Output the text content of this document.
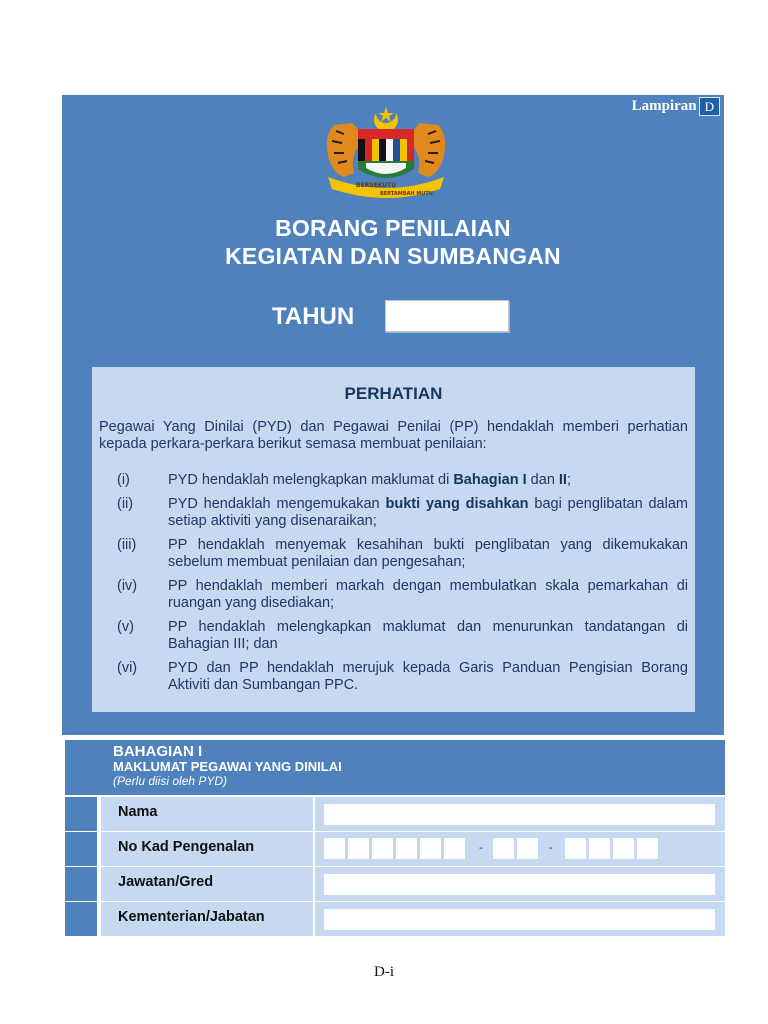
Lampiran D
BERSEKUTU
BERTAMBAH MUTU
BORANG PENILAIAN
KEGIATAN DAN SUMBANGAN
TAHUN
PERHATIAN
Pegawai Yang Dinilai (PYD) dan Pegawai Penilai (PP) hendaklah memberi perhatian kepada perkara-perkara berikut semasa membuat penilaian:
(i)	PYD hendaklah melengkapkan maklumat di Bahagian I dan II;
(ii)	PYD hendaklah mengemukakan bukti yang disahkan bagi penglibatan dalam setiap aktiviti yang disenaraikan;
(iii)	PP hendaklah menyemak kesahihan bukti penglibatan yang dikemukakan sebelum membuat penilaian dan pengesahan;
(iv)	PP hendaklah memberi markah dengan membulatkan skala pemarkahan di ruangan yang disediakan;
(v)	PP hendaklah melengkapkan maklumat dan menurunkan tandatangan di Bahagian III; dan
(vi)	PYD dan PP hendaklah merujuk kepada Garis Panduan Pengisian Borang Aktiviti dan Sumbangan PPC.
BAHAGIAN I
MAKLUMAT PEGAWAI YANG DINILAI
(Perlu diisi oleh PYD)
Nama
No Kad Pengenalan	-	-
Jawatan/Gred
Kementerian/Jabatan
D-i
